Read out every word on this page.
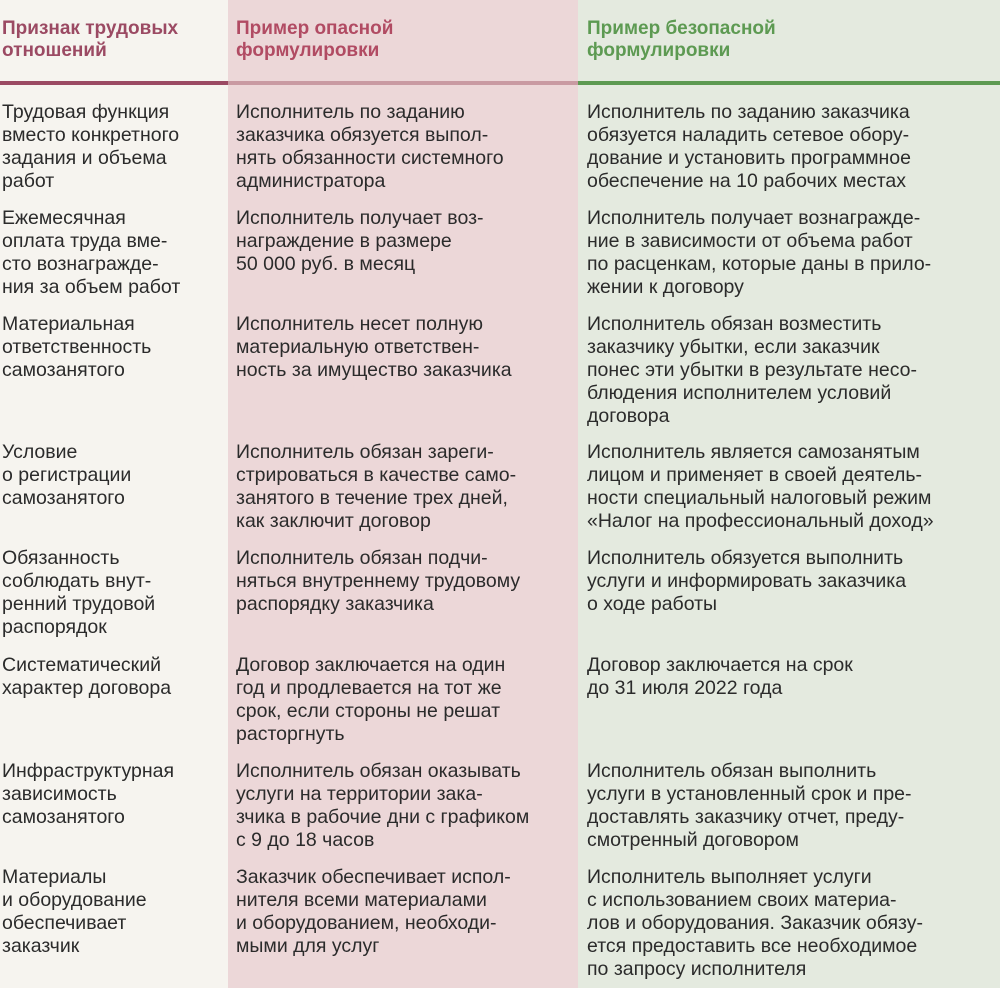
Признак трудовых
отношений
Пример опасной
формулировки
Пример безопасной
формулировки
Трудовая функция
вместо конкретного
задания и объема
работ
Исполнитель по заданию
заказчика обязуется выпол-
нять обязанности системного
администратора
Исполнитель по заданию заказчика
обязуется наладить сетевое обору-
дование и установить программное
обеспечение на 10 рабочих местах
Ежемесячная
оплата труда вме-
сто вознагражде-
ния за объем работ
Исполнитель получает воз-
награждение в размере
50 000 руб. в месяц
Исполнитель получает вознагражде-
ние в зависимости от объема работ
по расценкам, которые даны в прило-
жении к договору
Материальная
ответственность
самозанятого
Исполнитель несет полную
материальную ответствен-
ность за имущество заказчика
Исполнитель обязан возместить
заказчику убытки, если заказчик
понес эти убытки в результате несо-
блюдения исполнителем условий
договора
Условие
о регистрации
самозанятого
Исполнитель обязан зареги-
стрироваться в качестве само-
занятого в течение трех дней,
как заключит договор
Исполнитель является самозанятым
лицом и применяет в своей деятель-
ности специальный налоговый режим
«Налог на профессиональный доход»
Обязанность
соблюдать внут-
ренний трудовой
распорядок
Исполнитель обязан подчи-
няться внутреннему трудовому
распорядку заказчика
Исполнитель обязуется выполнить
услуги и информировать заказчика
о ходе работы
Систематический
характер договора
Договор заключается на один
год и продлевается на тот же
срок, если стороны не решат
расторгнуть
Договор заключается на срок
до 31 июля 2022 года
Инфраструктурная
зависимость
самозанятого
Исполнитель обязан оказывать
услуги на территории зака-
зчика в рабочие дни с графиком
с 9 до 18 часов
Исполнитель обязан выполнить
услуги в установленный срок и пре-
доставлять заказчику отчет, преду-
смотренный договором
Материалы
и оборудование
обеспечивает
заказчик
Заказчик обеспечивает испол-
нителя всеми материалами
и оборудованием, необходи-
мыми для услуг
Исполнитель выполняет услуги
с использованием своих материа-
лов и оборудования. Заказчик обязу-
ется предоставить все необходимое
по запросу исполнителя
